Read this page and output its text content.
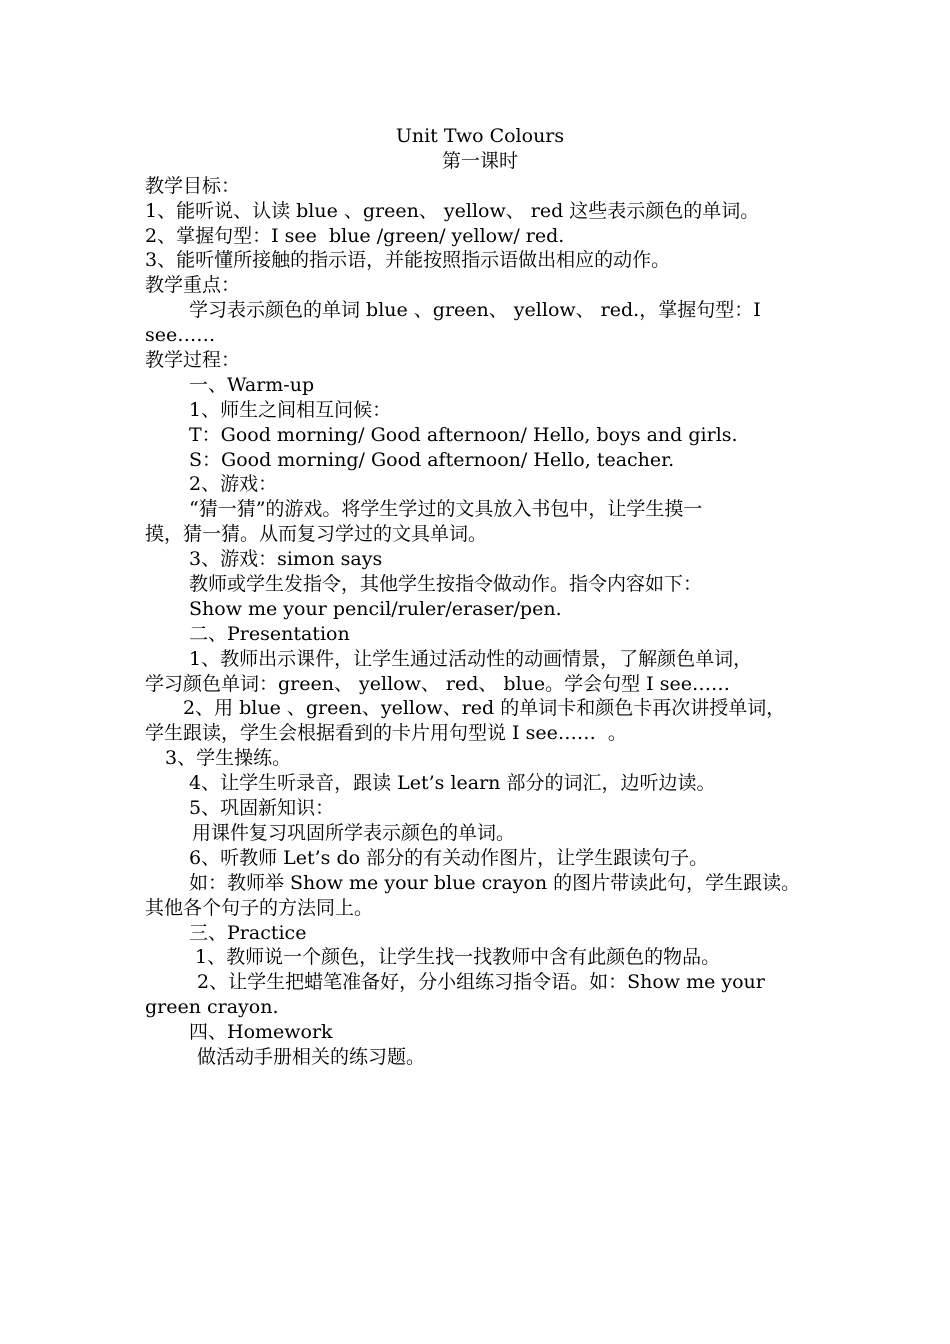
Unit Two Colours
第一课时
教学目标：
1、能听说、认读 blue 、green、 yellow、 red 这些表示颜色的单词。
2、掌握句型：I see  blue /green/ yellow/ red.
3、能听懂所接触的指示语，并能按照指示语做出相应的动作。
教学重点：
学习表示颜色的单词 blue 、green、 yellow、 red.，掌握句型：I
see……
教学过程：
一、Warm-up
1、师生之间相互问候：
T：Good morning/ Good afternoon/ Hello, boys and girls.
S：Good morning/ Good afternoon/ Hello, teacher.
2、游戏：
“猜一猜”的游戏。将学生学过的文具放入书包中，让学生摸一
摸，猜一猜。从而复习学过的文具单词。
3、游戏：simon says
教师或学生发指令，其他学生按指令做动作。指令内容如下：
Show me your pencil/ruler/eraser/pen.
二、Presentation
1、教师出示课件，让学生通过活动性的动画情景，了解颜色单词，
学习颜色单词：green、 yellow、 red、 blue。学会句型 I see……
2、用 blue 、green、yellow、red 的单词卡和颜色卡再次讲授单词，
学生跟读，学生会根据看到的卡片用句型说 I see……  。
3、学生操练。
4、让学生听录音，跟读 Let’s learn 部分的词汇，边听边读。
5、巩固新知识：
用课件复习巩固所学表示颜色的单词。
6、听教师 Let’s do 部分的有关动作图片，让学生跟读句子。
如：教师举 Show me your blue crayon 的图片带读此句，学生跟读。
其他各个句子的方法同上。
三、Practice
1、教师说一个颜色，让学生找一找教师中含有此颜色的物品。
2、让学生把蜡笔准备好，分小组练习指令语。如：Show me your
green crayon.
四、Homework
做活动手册相关的练习题。
